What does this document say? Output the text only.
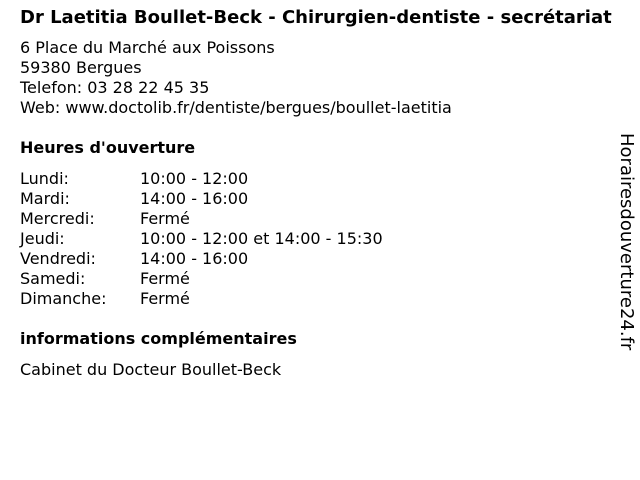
Dr Laetitia Boullet-Beck - Chirurgien-dentiste - secrétariat
6 Place du Marché aux Poissons
59380 Bergues
Telefon: 03 28 22 45 35
Web: www.doctolib.fr/dentiste/bergues/boullet-laetitia
Heures d'ouverture
Lundi:	10:00 - 12:00
Mardi:	14:00 - 16:00
Mercredi:	Fermé
Jeudi:	10:00 - 12:00 et 14:00 - 15:30
Vendredi:	14:00 - 16:00
Samedi:	Fermé
Dimanche:	Fermé
informations complémentaires
Cabinet du Docteur Boullet-Beck
Horairesdouverture24.fr
